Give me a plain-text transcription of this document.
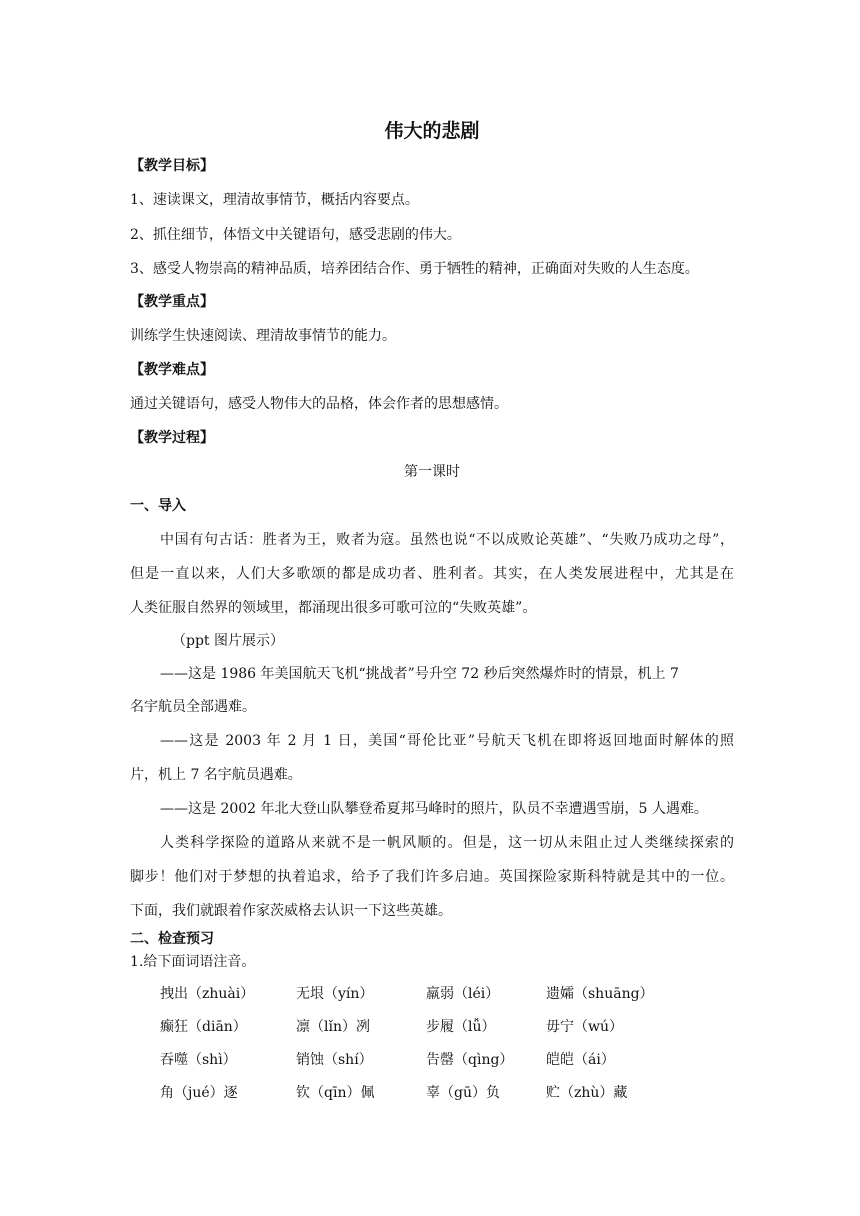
伟大的悲剧
【教学目标】
1、速读课文，理清故事情节，概括内容要点。
2、抓住细节，体悟文中关键语句，感受悲剧的伟大。
3、感受人物崇高的精神品质，培养团结合作、勇于牺牲的精神，正确面对失败的人生态度。
【教学重点】
训练学生快速阅读、理清故事情节的能力。
【教学难点】
通过关键语句，感受人物伟大的品格，体会作者的思想感情。
【教学过程】
第一课时
一、导入
中国有句古话：胜者为王，败者为寇。虽然也说“不以成败论英雄”、“失败乃成功之母”，
但是一直以来，人们大多歌颂的都是成功者、胜利者。其实，在人类发展进程中，尤其是在
人类征服自然界的领域里，都涌现出很多可歌可泣的“失败英雄”。
（ppt 图片展示）
——这是 1986 年美国航天飞机“挑战者”号升空 72 秒后突然爆炸时的情景，机上 7
名宇航员全部遇难。
——这是 2003 年 2 月 1 日，美国“哥伦比亚”号航天飞机在即将返回地面时解体的照
片，机上 7 名宇航员遇难。
——这是 2002 年北大登山队攀登希夏邦马峰时的照片，队员不幸遭遇雪崩，5 人遇难。
人类科学探险的道路从来就不是一帆风顺的。但是，这一切从未阻止过人类继续探索的
脚步！他们对于梦想的执着追求，给予了我们许多启迪。英国探险家斯科特就是其中的一位。
下面，我们就跟着作家茨威格去认识一下这些英雄。
二、检查预习
1.给下面词语注音。
拽出（zhuài）	无垠（yín）	羸弱（léi）	遗孀（shuāng）
癫狂（diān）	凛（lǐn）冽	步履（lǚ）	毋宁（wú）
吞噬（shì）	销蚀（shí）	告罄（qìng） 皑皑（ái）
角（jué）逐	钦（qīn）佩	辜（gū）负	贮（zhù）藏
